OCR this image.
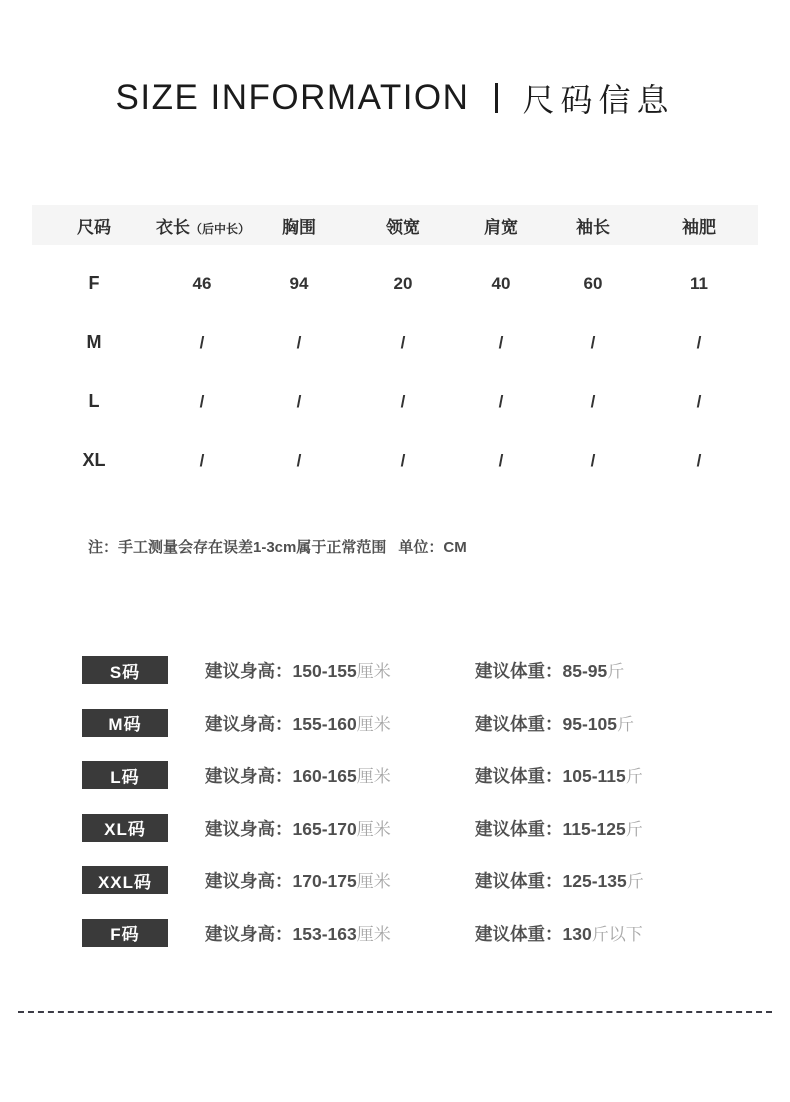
SIZE INFORMATION 尺码信息
尺码	衣长（后中长）	胸围	领宽	肩宽	袖长	袖肥
F	46	94	20	40	60	11
M	/	/	/	/	/	/
L	/	/	/	/	/	/
XL	/	/	/	/	/	/
注：手工测量会存在误差1-3cm属于正常范围 单位：CM
S码	建议身高：150-155厘米	建议体重：85-95斤
M码	建议身高：155-160厘米	建议体重：95-105斤
L码	建议身高：160-165厘米	建议体重：105-115斤
XL码	建议身高：165-170厘米	建议体重：115-125斤
XXL码	建议身高：170-175厘米	建议体重：125-135斤
F码	建议身高：153-163厘米	建议体重：130斤以下
